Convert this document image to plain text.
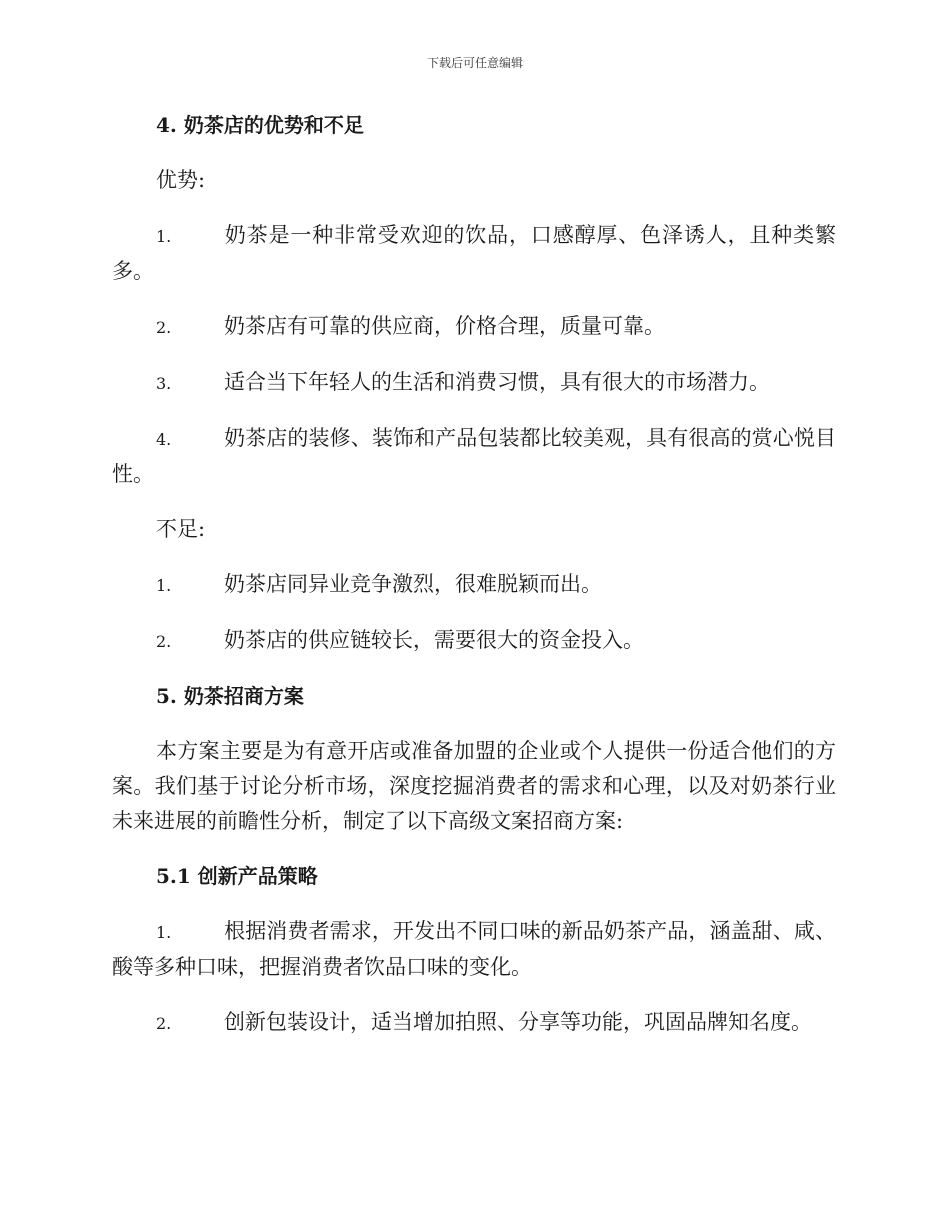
下载后可任意编辑

4. 奶茶店的优势和不足

优势:

1.	奶茶是一种非常受欢迎的饮品，口感醇厚、色泽诱人，且种类繁多。

2.	奶茶店有可靠的供应商，价格合理，质量可靠。

3.	适合当下年轻人的生活和消费习惯，具有很大的市场潜力。

4.	奶茶店的装修、装饰和产品包装都比较美观，具有很高的赏心悦目性。

不足:

1.	奶茶店同异业竞争激烈，很难脱颖而出。

2.	奶茶店的供应链较长，需要很大的资金投入。

5. 奶茶招商方案

本方案主要是为有意开店或准备加盟的企业或个人提供一份适合他们的方案。我们基于讨论分析市场，深度挖掘消费者的需求和心理，以及对奶茶行业未来进展的前瞻性分析，制定了以下高级文案招商方案:

5.1 创新产品策略

1.	根据消费者需求，开发出不同口味的新品奶茶产品，涵盖甜、咸、酸等多种口味，把握消费者饮品口味的变化。

2.	创新包装设计，适当增加拍照、分享等功能，巩固品牌知名度。
